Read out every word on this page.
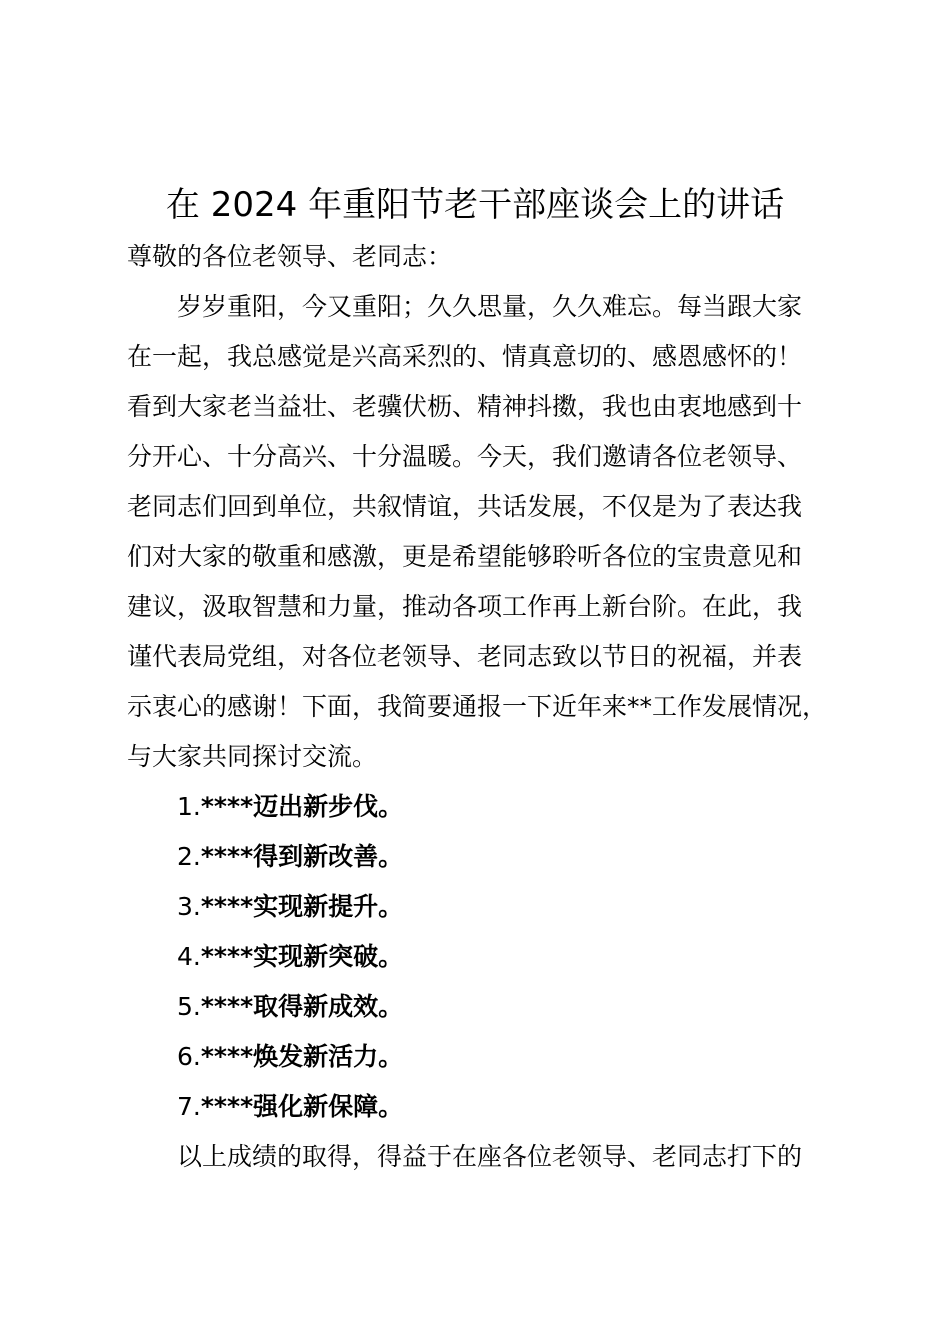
在 2024 年重阳节老干部座谈会上的讲话
尊敬的各位老领导、老同志：
岁岁重阳，今又重阳；久久思量，久久难忘。每当跟大家
在一起，我总感觉是兴高采烈的、情真意切的、感恩感怀的！
看到大家老当益壮、老骥伏枥、精神抖擞，我也由衷地感到十
分开心、十分高兴、十分温暖。今天，我们邀请各位老领导、
老同志们回到单位，共叙情谊，共话发展，不仅是为了表达我
们对大家的敬重和感激，更是希望能够聆听各位的宝贵意见和
建议，汲取智慧和力量，推动各项工作再上新台阶。在此，我
谨代表局党组，对各位老领导、老同志致以节日的祝福，并表
示衷心的感谢！下面，我简要通报一下近年来**工作发展情况，
与大家共同探讨交流。
1.****迈出新步伐。
2.****得到新改善。
3.****实现新提升。
4.****实现新突破。
5.****取得新成效。
6.****焕发新活力。
7.****强化新保障。
以上成绩的取得，得益于在座各位老领导、老同志打下的
